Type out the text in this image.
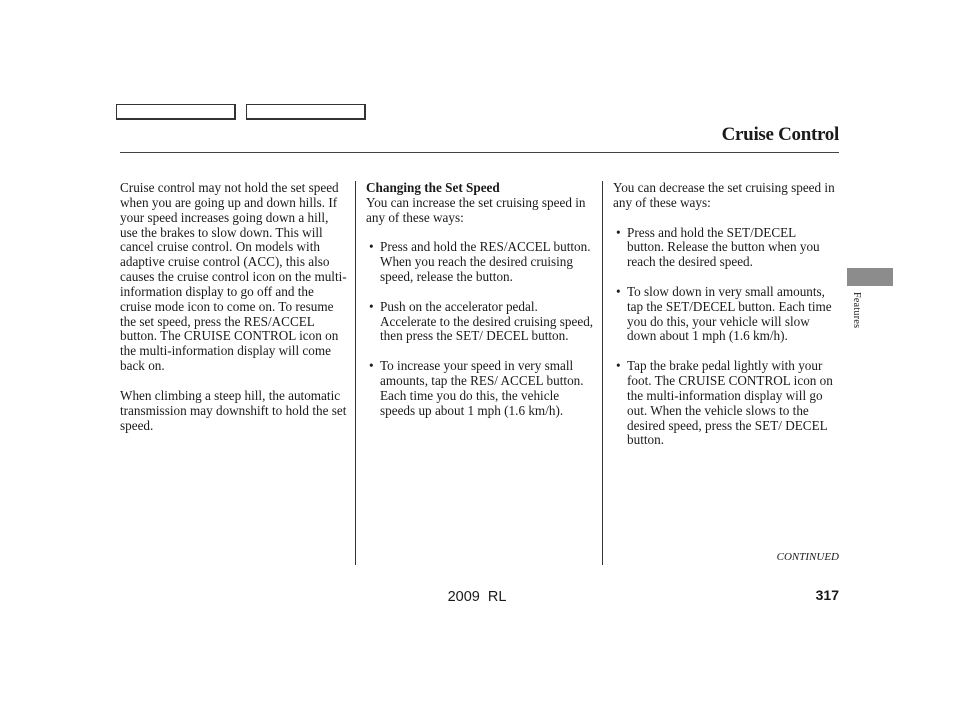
Cruise Control

Cruise control may not hold the set speed when you are going up and down hills. If your speed increases going down a hill, use the brakes to slow down. This will cancel cruise control. On models with adaptive cruise control (ACC), this also causes the cruise control icon on the multi-information display to go off and the cruise mode icon to come on. To resume the set speed, press the RES/ACCEL button. The CRUISE CONTROL icon on the multi-information display will come back on.

When climbing a steep hill, the automatic transmission may downshift to hold the set speed.

Changing the Set Speed

You can increase the set cruising speed in any of these ways:

• Press and hold the RES/ACCEL button. When you reach the desired cruising speed, release the button.
• Push on the accelerator pedal. Accelerate to the desired cruising speed, then press the SET/ DECEL button.
• To increase your speed in very small amounts, tap the RES/ ACCEL button. Each time you do this, the vehicle speeds up about 1 mph (1.6 km/h).

You can decrease the set cruising speed in any of these ways:

• Press and hold the SET/DECEL button. Release the button when you reach the desired speed.
• To slow down in very small amounts, tap the SET/DECEL button. Each time you do this, your vehicle will slow down about 1 mph (1.6 km/h).
• Tap the brake pedal lightly with your foot. The CRUISE CONTROL icon on the multi-information display will go out. When the vehicle slows to the desired speed, press the SET/ DECEL button.
Features
CONTINUED
2009  RL	317
